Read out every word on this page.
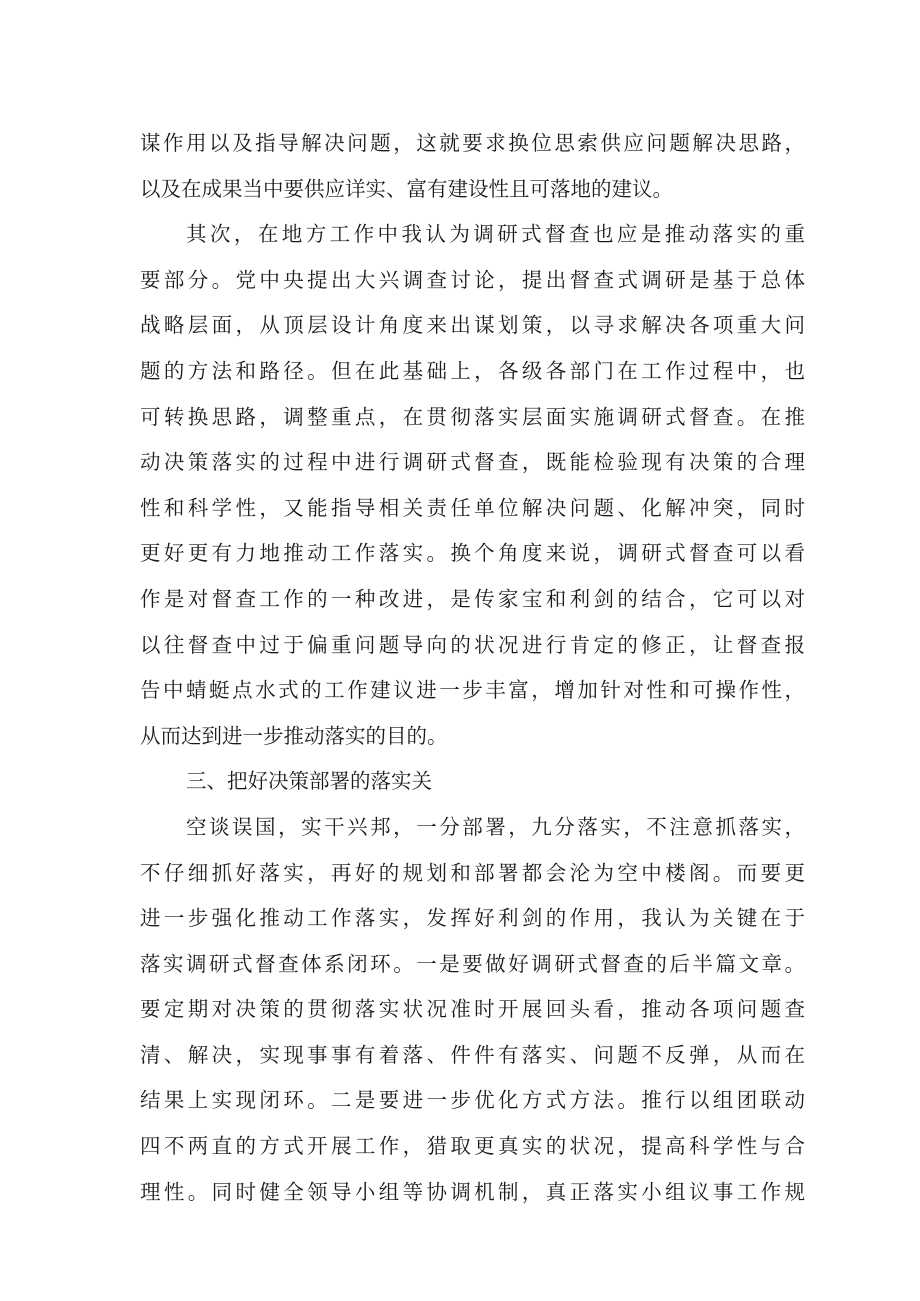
谋作用以及指导解决问题，这就要求换位思索供应问题解决思路，
以及在成果当中要供应详实、富有建设性且可落地的建议。
其次，在地方工作中我认为调研式督查也应是推动落实的重
要部分。党中央提出大兴调查讨论，提出督查式调研是基于总体
战略层面，从顶层设计角度来出谋划策，以寻求解决各项重大问
题的方法和路径。但在此基础上，各级各部门在工作过程中，也
可转换思路，调整重点，在贯彻落实层面实施调研式督查。在推
动决策落实的过程中进行调研式督查，既能检验现有决策的合理
性和科学性，又能指导相关责任单位解决问题、化解冲突，同时
更好更有力地推动工作落实。换个角度来说，调研式督查可以看
作是对督查工作的一种改进，是传家宝和利剑的结合，它可以对
以往督查中过于偏重问题导向的状况进行肯定的修正，让督查报
告中蜻蜓点水式的工作建议进一步丰富，增加针对性和可操作性，
从而达到进一步推动落实的目的。
三、把好决策部署的落实关
空谈误国，实干兴邦，一分部署，九分落实，不注意抓落实，
不仔细抓好落实，再好的规划和部署都会沦为空中楼阁。而要更
进一步强化推动工作落实，发挥好利剑的作用，我认为关键在于
落实调研式督查体系闭环。一是要做好调研式督查的后半篇文章。
要定期对决策的贯彻落实状况准时开展回头看，推动各项问题查
清、解决，实现事事有着落、件件有落实、问题不反弹，从而在
结果上实现闭环。二是要进一步优化方式方法。推行以组团联动
四不两直的方式开展工作，猎取更真实的状况，提高科学性与合
理性。同时健全领导小组等协调机制，真正落实小组议事工作规
